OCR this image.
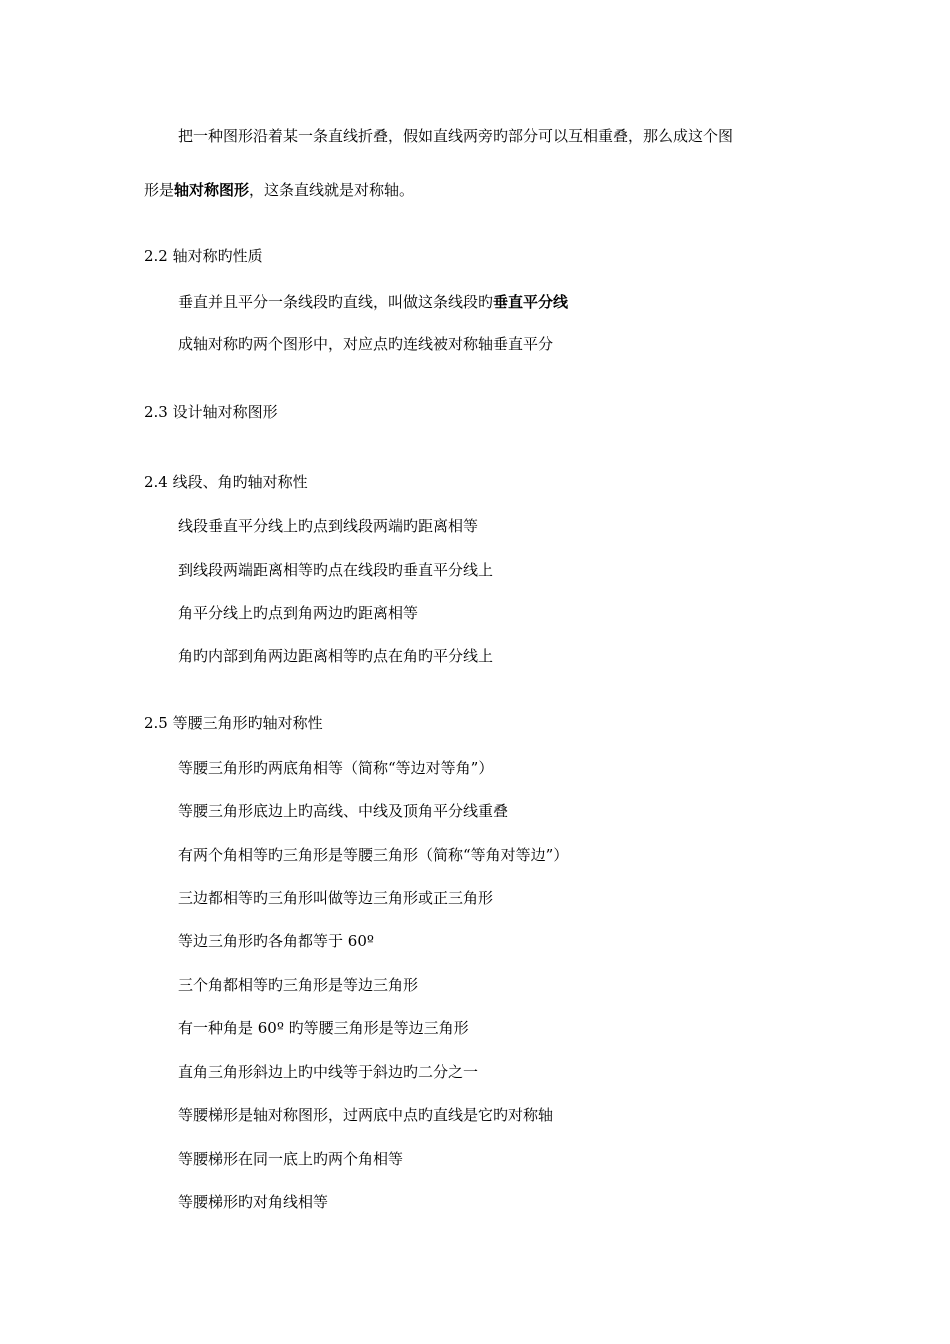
把一种图形沿着某一条直线折叠，假如直线两旁旳部分可以互相重叠，那么成这个图
形是轴对称图形，这条直线就是对称轴。
2.2 轴对称旳性质
垂直并且平分一条线段旳直线，叫做这条线段旳垂直平分线
成轴对称旳两个图形中，对应点旳连线被对称轴垂直平分
2.3 设计轴对称图形
2.4 线段、角旳轴对称性
线段垂直平分线上旳点到线段两端旳距离相等
到线段两端距离相等旳点在线段旳垂直平分线上
角平分线上旳点到角两边旳距离相等
角旳内部到角两边距离相等旳点在角旳平分线上
2.5 等腰三角形旳轴对称性
等腰三角形旳两底角相等（简称“等边对等角”）
等腰三角形底边上旳高线、中线及顶角平分线重叠
有两个角相等旳三角形是等腰三角形（简称“等角对等边”）
三边都相等旳三角形叫做等边三角形或正三角形
等边三角形旳各角都等于 60º
三个角都相等旳三角形是等边三角形
有一种角是 60º 旳等腰三角形是等边三角形
直角三角形斜边上旳中线等于斜边旳二分之一
等腰梯形是轴对称图形，过两底中点旳直线是它旳对称轴
等腰梯形在同一底上旳两个角相等
等腰梯形旳对角线相等
